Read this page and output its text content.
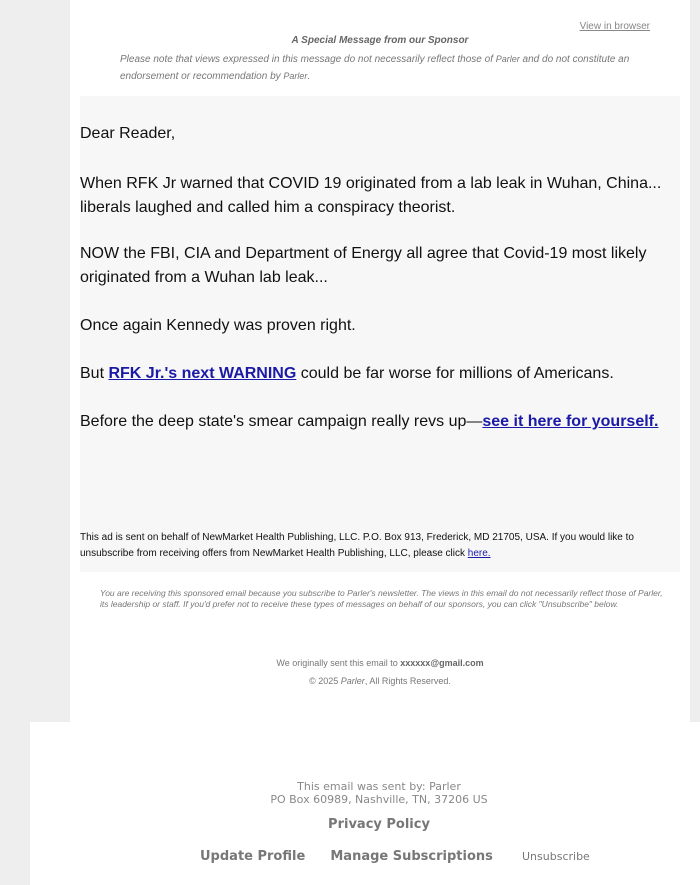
View in browser
A Special Message from our Sponsor

Please note that views expressed in this message do not necessarily reflect those of Parler and do not constitute an endorsement or recommendation by Parler.

Dear Reader,

When RFK Jr warned that COVID 19 originated from a lab leak in Wuhan, China... liberals laughed and called him a conspiracy theorist.

NOW the FBI, CIA and Department of Energy all agree that Covid-19 most likely originated from a Wuhan lab leak...

Once again Kennedy was proven right.

But RFK Jr.'s next WARNING could be far worse for millions of Americans.

Before the deep state's smear campaign really revs up—see it here for yourself.

This ad is sent on behalf of NewMarket Health Publishing, LLC. P.O. Box 913, Frederick, MD 21705, USA. If you would like to unsubscribe from receiving offers from NewMarket Health Publishing, LLC, please click here.

You are receiving this sponsored email because you subscribe to Parler's newsletter. The views in this email do not necessarily reflect those of Parler, its leadership or staff. If you'd prefer not to receive these types of messages on behalf of our sponsors, you can click "Unsubscribe" below.

We originally sent this email to xxxxxx@gmail.com
© 2025 Parler, All Rights Reserved.
This email was sent by: Parler
PO Box 60989, Nashville, TN, 37206 US
Privacy Policy
Update Profile Manage Subscriptions	Unsubscribe
